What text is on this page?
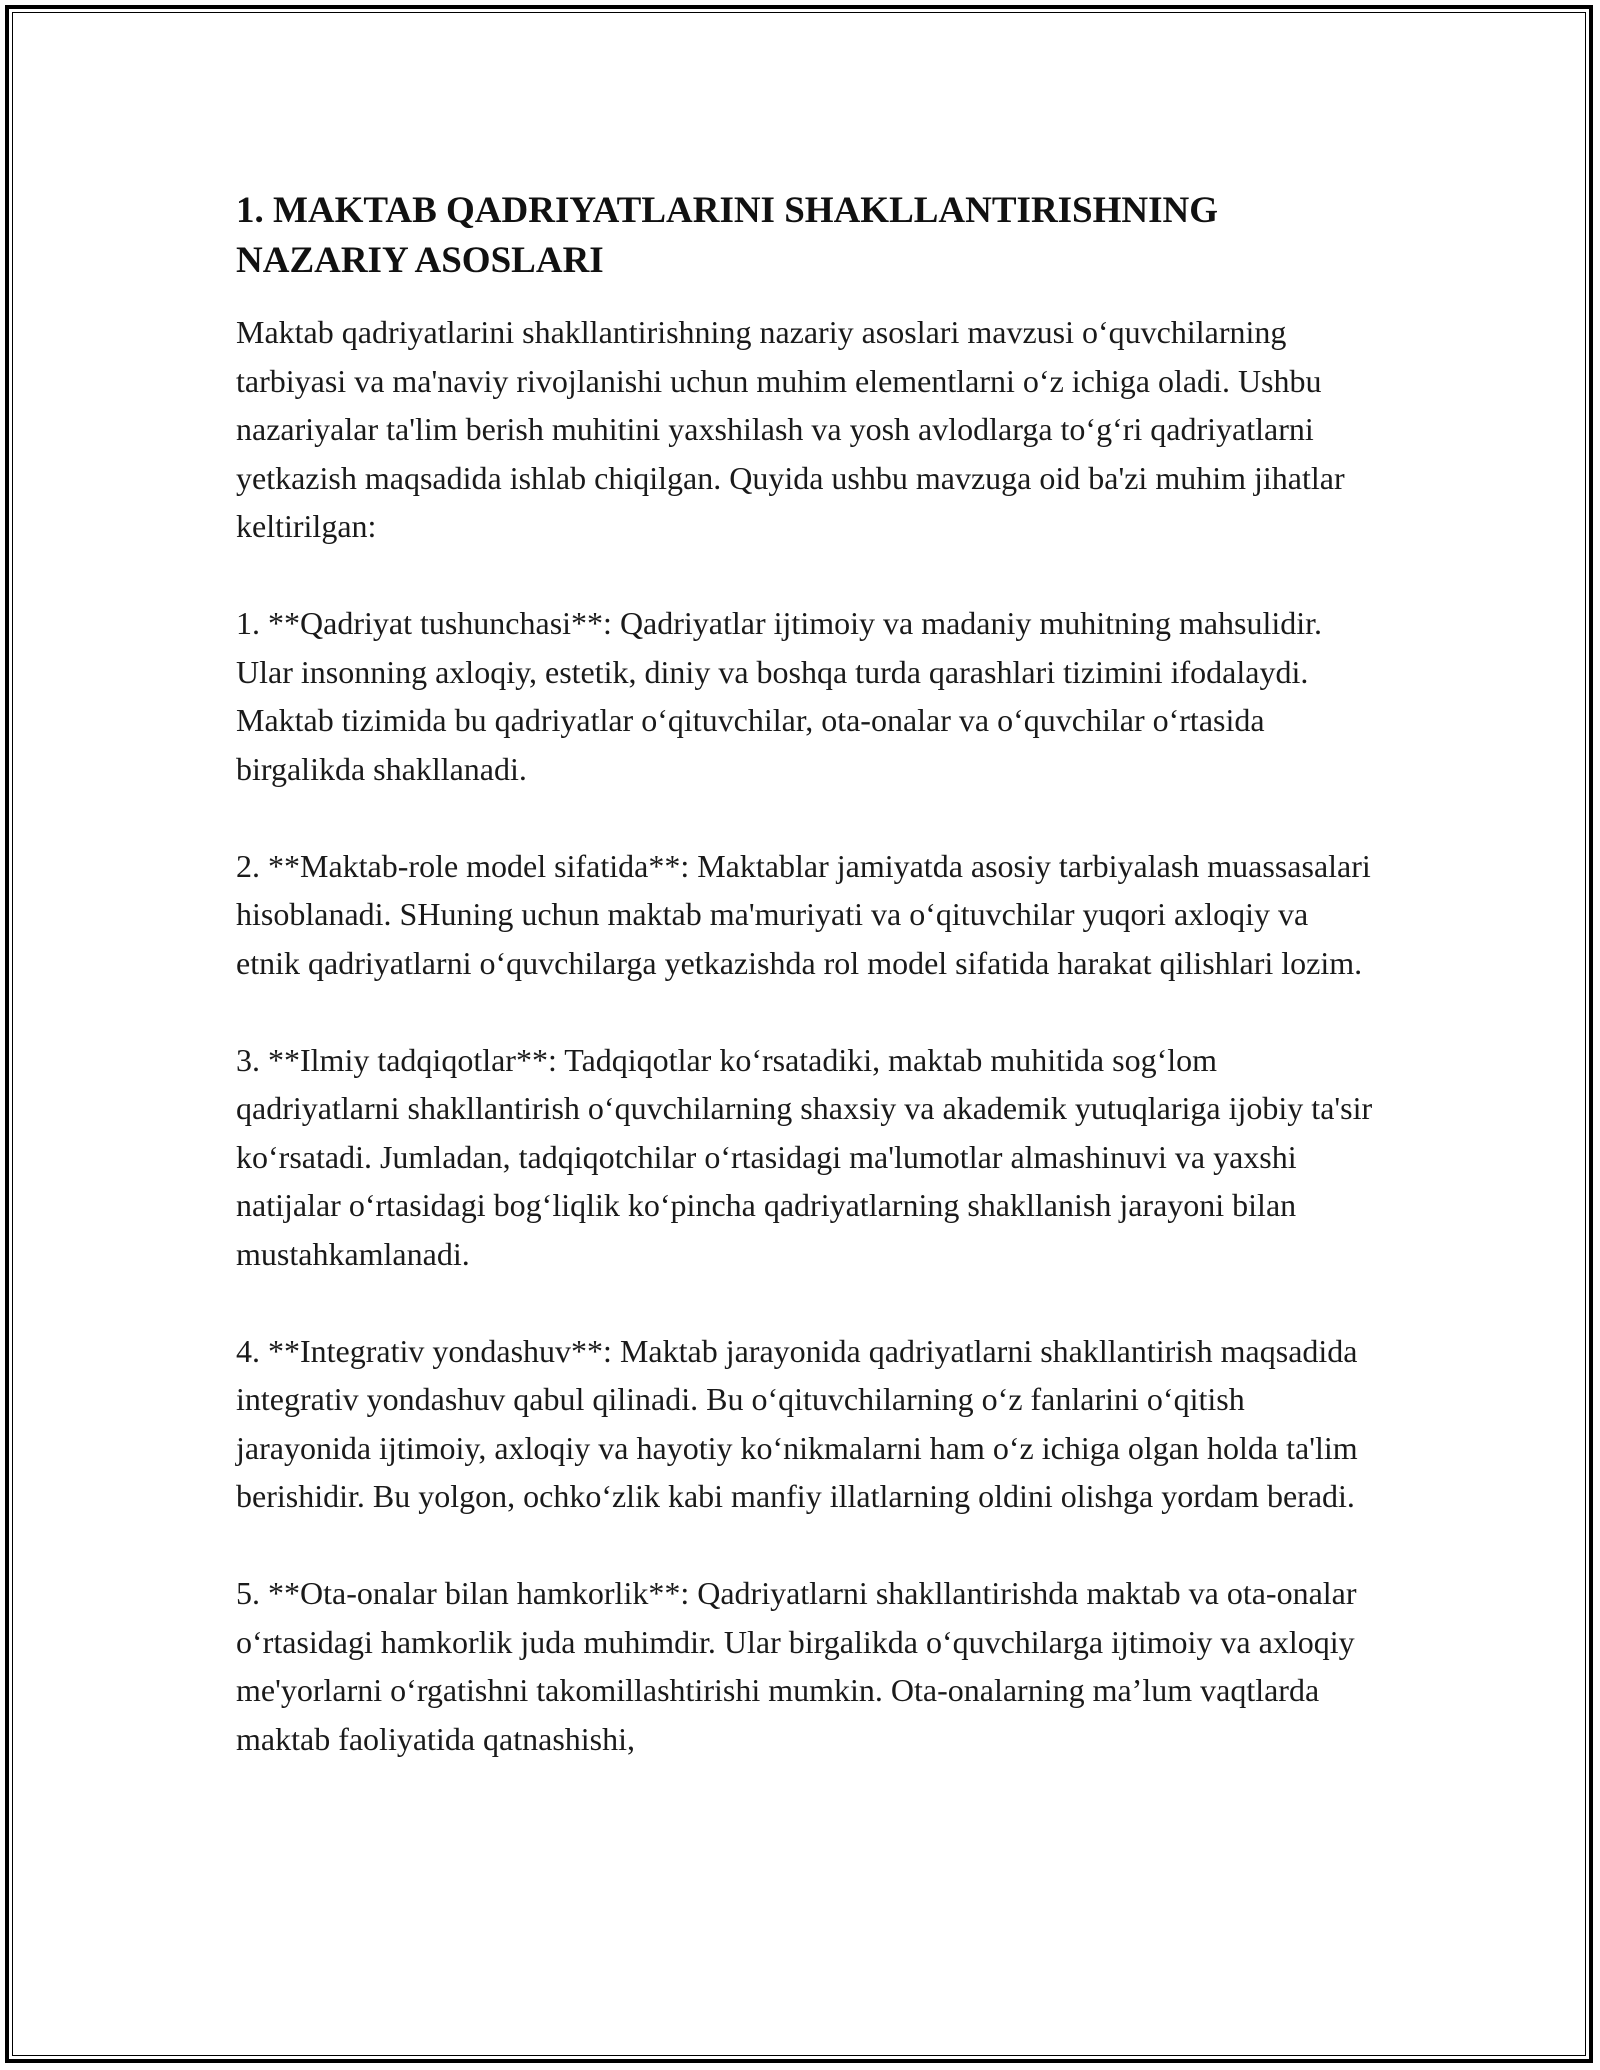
1. MAKTAB QADRIYATLARINI SHAKLLANTIRISHNING
NAZARIY ASOSLARI

Maktab qadriyatlarini shakllantirishning nazariy asoslari mavzusi o‘quvchilarning tarbiyasi va ma'naviy rivojlanishi uchun muhim elementlarni o‘z ichiga oladi. Ushbu nazariyalar ta'lim berish muhitini yaxshilash va yosh avlodlarga to‘g‘ri qadriyatlarni yetkazish maqsadida ishlab chiqilgan. Quyida ushbu mavzuga oid ba'zi muhim jihatlar keltirilgan:

1. **Qadriyat tushunchasi**: Qadriyatlar ijtimoiy va madaniy muhitning mahsulidir. Ular insonning axloqiy, estetik, diniy va boshqa turda qarashlari tizimini ifodalaydi. Maktab tizimida bu qadriyatlar o‘qituvchilar, ota-onalar va o‘quvchilar o‘rtasida birgalikda shakllanadi.

2. **Maktab-role model sifatida**: Maktablar jamiyatda asosiy tarbiyalash muassasalari hisoblanadi. SHuning uchun maktab ma'muriyati va o‘qituvchilar yuqori axloqiy va etnik qadriyatlarni o‘quvchilarga yetkazishda rol model sifatida harakat qilishlari lozim.

3. **Ilmiy tadqiqotlar**: Tadqiqotlar ko‘rsatadiki, maktab muhitida sog‘lom qadriyatlarni shakllantirish o‘quvchilarning shaxsiy va akademik yutuqlariga ijobiy ta'sir ko‘rsatadi. Jumladan, tadqiqotchilar o‘rtasidagi ma'lumotlar almashinuvi va yaxshi natijalar o‘rtasidagi bog‘liqlik ko‘pincha qadriyatlarning shakllanish jarayoni bilan mustahkamlanadi.

4. **Integrativ yondashuv**: Maktab jarayonida qadriyatlarni shakllantirish maqsadida integrativ yondashuv qabul qilinadi. Bu o‘qituvchilarning o‘z fanlarini o‘qitish jarayonida ijtimoiy, axloqiy va hayotiy ko‘nikmalarni ham o‘z ichiga olgan holda ta'lim berishidir. Bu yolgon, ochko‘zlik kabi manfiy illatlarning oldini olishga yordam beradi.

5. **Ota-onalar bilan hamkorlik**: Qadriyatlarni shakllantirishda maktab va ota-onalar o‘rtasidagi hamkorlik juda muhimdir. Ular birgalikda o‘quvchilarga ijtimoiy va axloqiy me'yorlarni o‘rgatishni takomillashtirishi mumkin. Ota-onalarning ma’lum vaqtlarda maktab faoliyatida qatnashishi,
